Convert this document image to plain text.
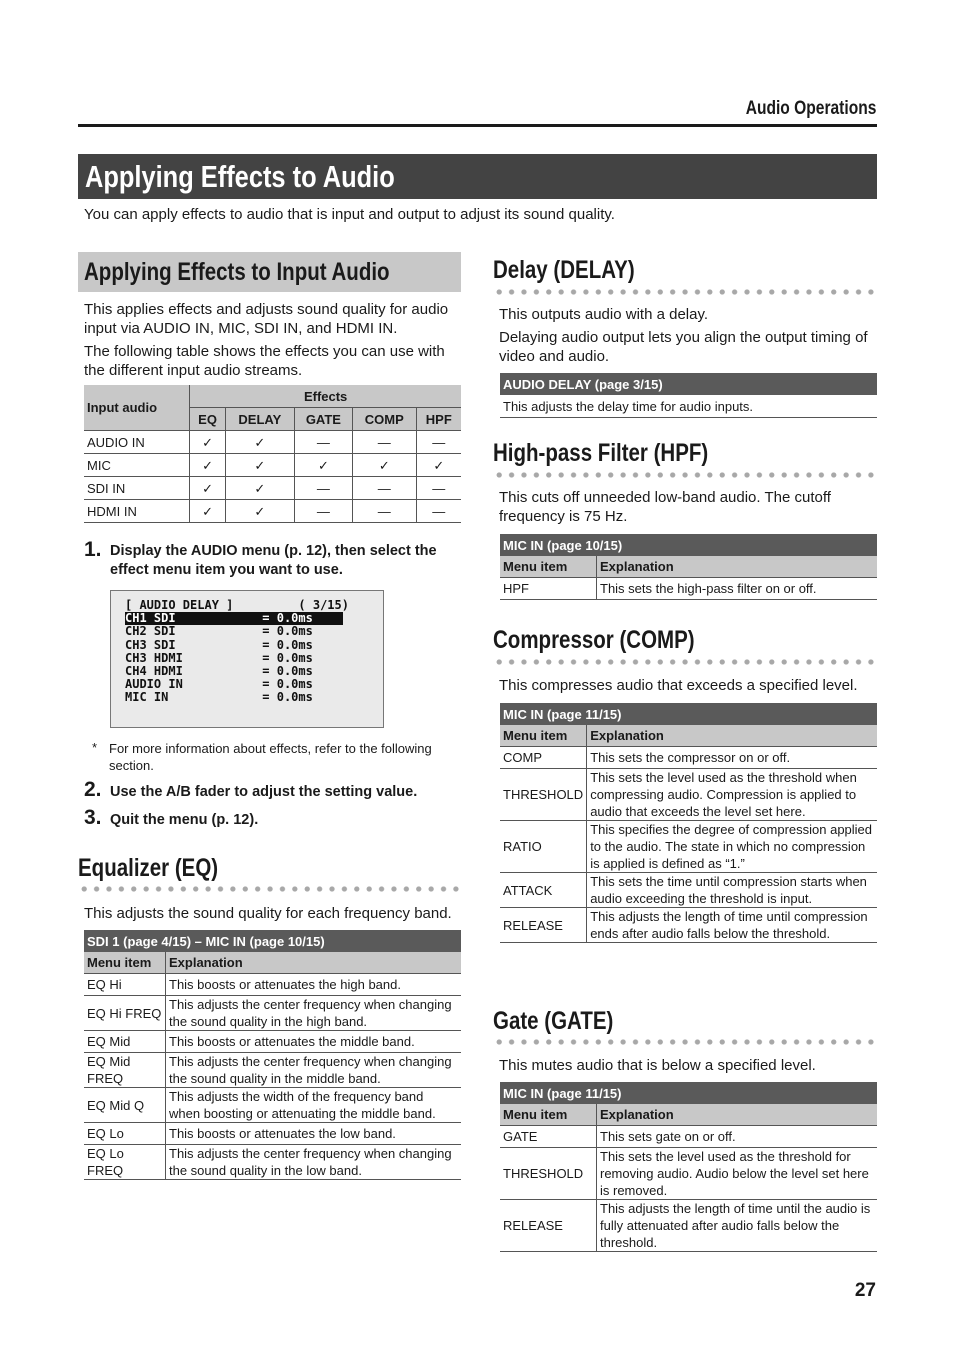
Audio Operations
Applying Effects to Audio
You can apply effects to audio that is input and output to adjust its sound quality.
Applying Effects to Input Audio

This applies effects and adjusts sound quality for audio input via AUDIO IN, MIC, SDI IN, and HDMI IN.

The following table shows the effects you can use with the different input audio streams.

Input audio	Effects				
	EQ	DELAY	GATE	COMP	HPF
AUDIO IN	✓	✓	—	—	—
MIC	✓	✓	✓	✓	✓
SDI IN	✓	✓	—	—	—
HDMI IN	✓	✓	—	—	—
1. Display the AUDIO menu (p. 12), then select the effect menu item you want to use.
[ AUDIO DELAY ]         ( 3/15)
CH1 SDI            = 0.0ms
CH2 SDI            = 0.0ms
CH3 SDI            = 0.0ms
CH3 HDMI           = 0.0ms
CH4 HDMI           = 0.0ms
AUDIO IN           = 0.0ms
MIC IN             = 0.0ms
* For more information about effects, refer to the following section.
2. Use the A/B fader to adjust the setting value.
3. Quit the menu (p. 12).
Equalizer (EQ)
This adjusts the sound quality for each frequency band.
SDI 1 (page 4/15) – MIC IN (page 10/15)	
Menu item	Explanation
EQ Hi	This boosts or attenuates the high band.
EQ Hi FREQ	This adjusts the center frequency when changing the sound quality in the high band.
EQ Mid	This boosts or attenuates the middle band.
EQ Mid FREQ	This adjusts the center frequency when changing the sound quality in the middle band.
EQ Mid Q	This adjusts the width of the frequency band when boosting or attenuating the middle band.
EQ Lo	This boosts or attenuates the low band.
EQ Lo FREQ	This adjusts the center frequency when changing the sound quality in the low band.
Delay (DELAY)

This outputs audio with a delay.

Delaying audio output lets you align the output timing of video and audio.

AUDIO DELAY (page 3/15)
This adjusts the delay time for audio inputs.
High-pass Filter (HPF)

This cuts off unneeded low-band audio. The cutoff frequency is 75 Hz.

MIC IN (page 10/15)	
Menu item	Explanation
HPF	This sets the high-pass filter on or off.
Compressor (COMP)
This compresses audio that exceeds a specified level.
MIC IN (page 11/15)	
Menu item	Explanation
COMP	This sets the compressor on or off.
THRESHOLD	This sets the level used as the threshold when compressing audio. Compression is applied to audio that exceeds the level set here.
RATIO	This specifies the degree of compression applied to the audio. The state in which no compression is applied is defined as “1.”
ATTACK	This sets the time until compression starts when audio exceeding the threshold is input.
RELEASE	This adjusts the length of time until compression ends after audio falls below the threshold.
Gate (GATE)
This mutes audio that is below a specified level.
MIC IN (page 11/15)	
Menu item	Explanation
GATE	This sets gate on or off.
THRESHOLD	This sets the level used as the threshold for removing audio. Audio below the level set here is removed.
RELEASE	This adjusts the length of time until the audio is fully attenuated after audio falls below the threshold.
27
